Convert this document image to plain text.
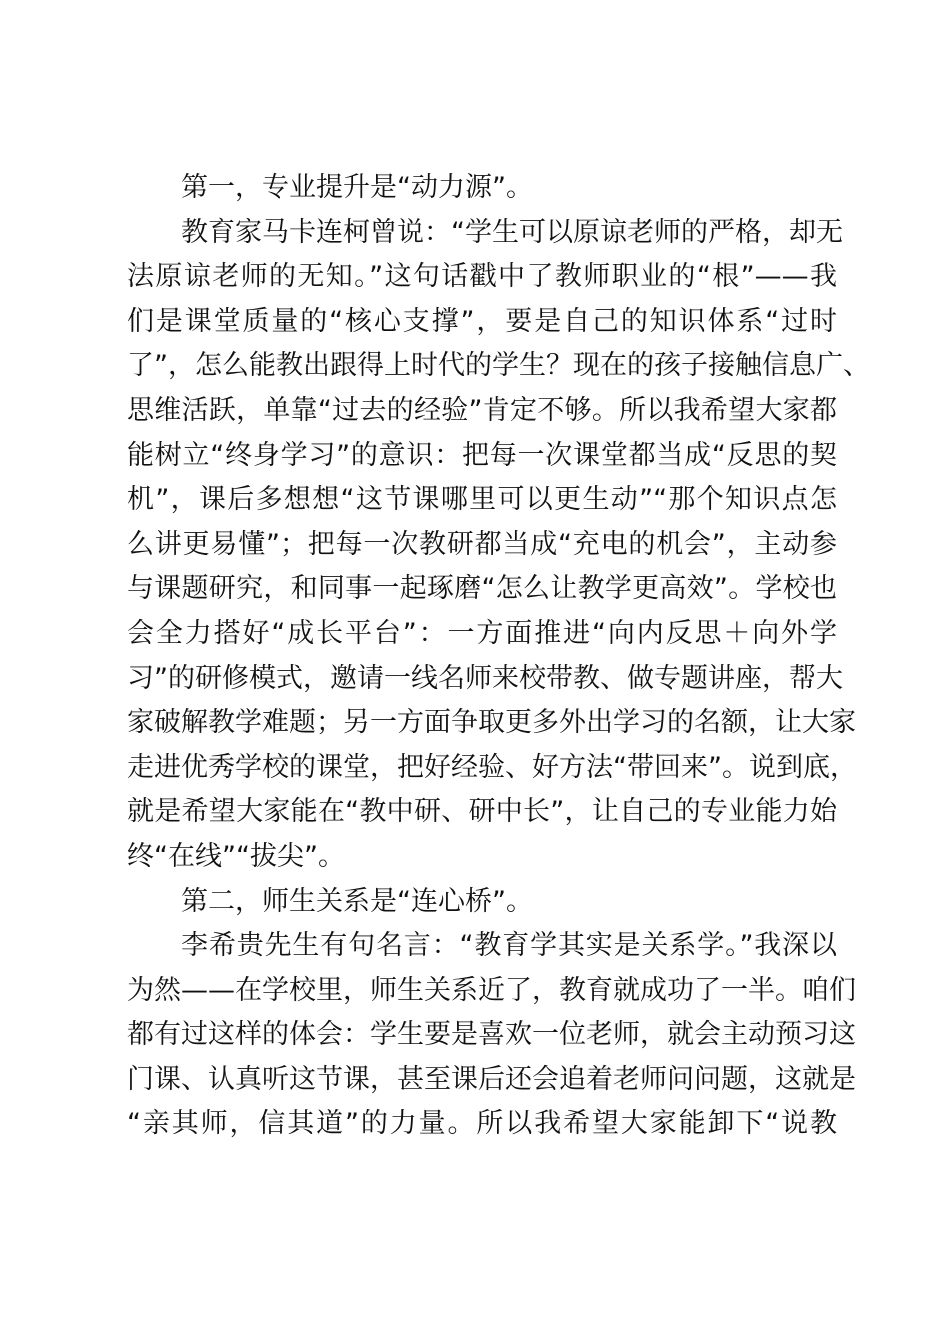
第一，专业提升是“动力源”。
教育家马卡连柯曾说：“学生可以原谅老师的严格，却无
法原谅老师的无知。”这句话戳中了教师职业的“根”——我
们是课堂质量的“核心支撑”，要是自己的知识体系“过时
了”，怎么能教出跟得上时代的学生？现在的孩子接触信息广、
思维活跃，单靠“过去的经验”肯定不够。所以我希望大家都
能树立“终身学习”的意识：把每一次课堂都当成“反思的契
机”，课后多想想“这节课哪里可以更生动”“那个知识点怎
么讲更易懂”；把每一次教研都当成“充电的机会”，主动参
与课题研究，和同事一起琢磨“怎么让教学更高效”。学校也
会全力搭好“成长平台”：一方面推进“向内反思＋向外学
习”的研修模式，邀请一线名师来校带教、做专题讲座，帮大
家破解教学难题；另一方面争取更多外出学习的名额，让大家
走进优秀学校的课堂，把好经验、好方法“带回来”。说到底，
就是希望大家能在“教中研、研中长”，让自己的专业能力始
终“在线”“拔尖”。
第二，师生关系是“连心桥”。
李希贵先生有句名言：“教育学其实是关系学。”我深以
为然——在学校里，师生关系近了，教育就成功了一半。咱们
都有过这样的体会：学生要是喜欢一位老师，就会主动预习这
门课、认真听这节课，甚至课后还会追着老师问问题，这就是
“亲其师，信其道”的力量。所以我希望大家能卸下“说教
